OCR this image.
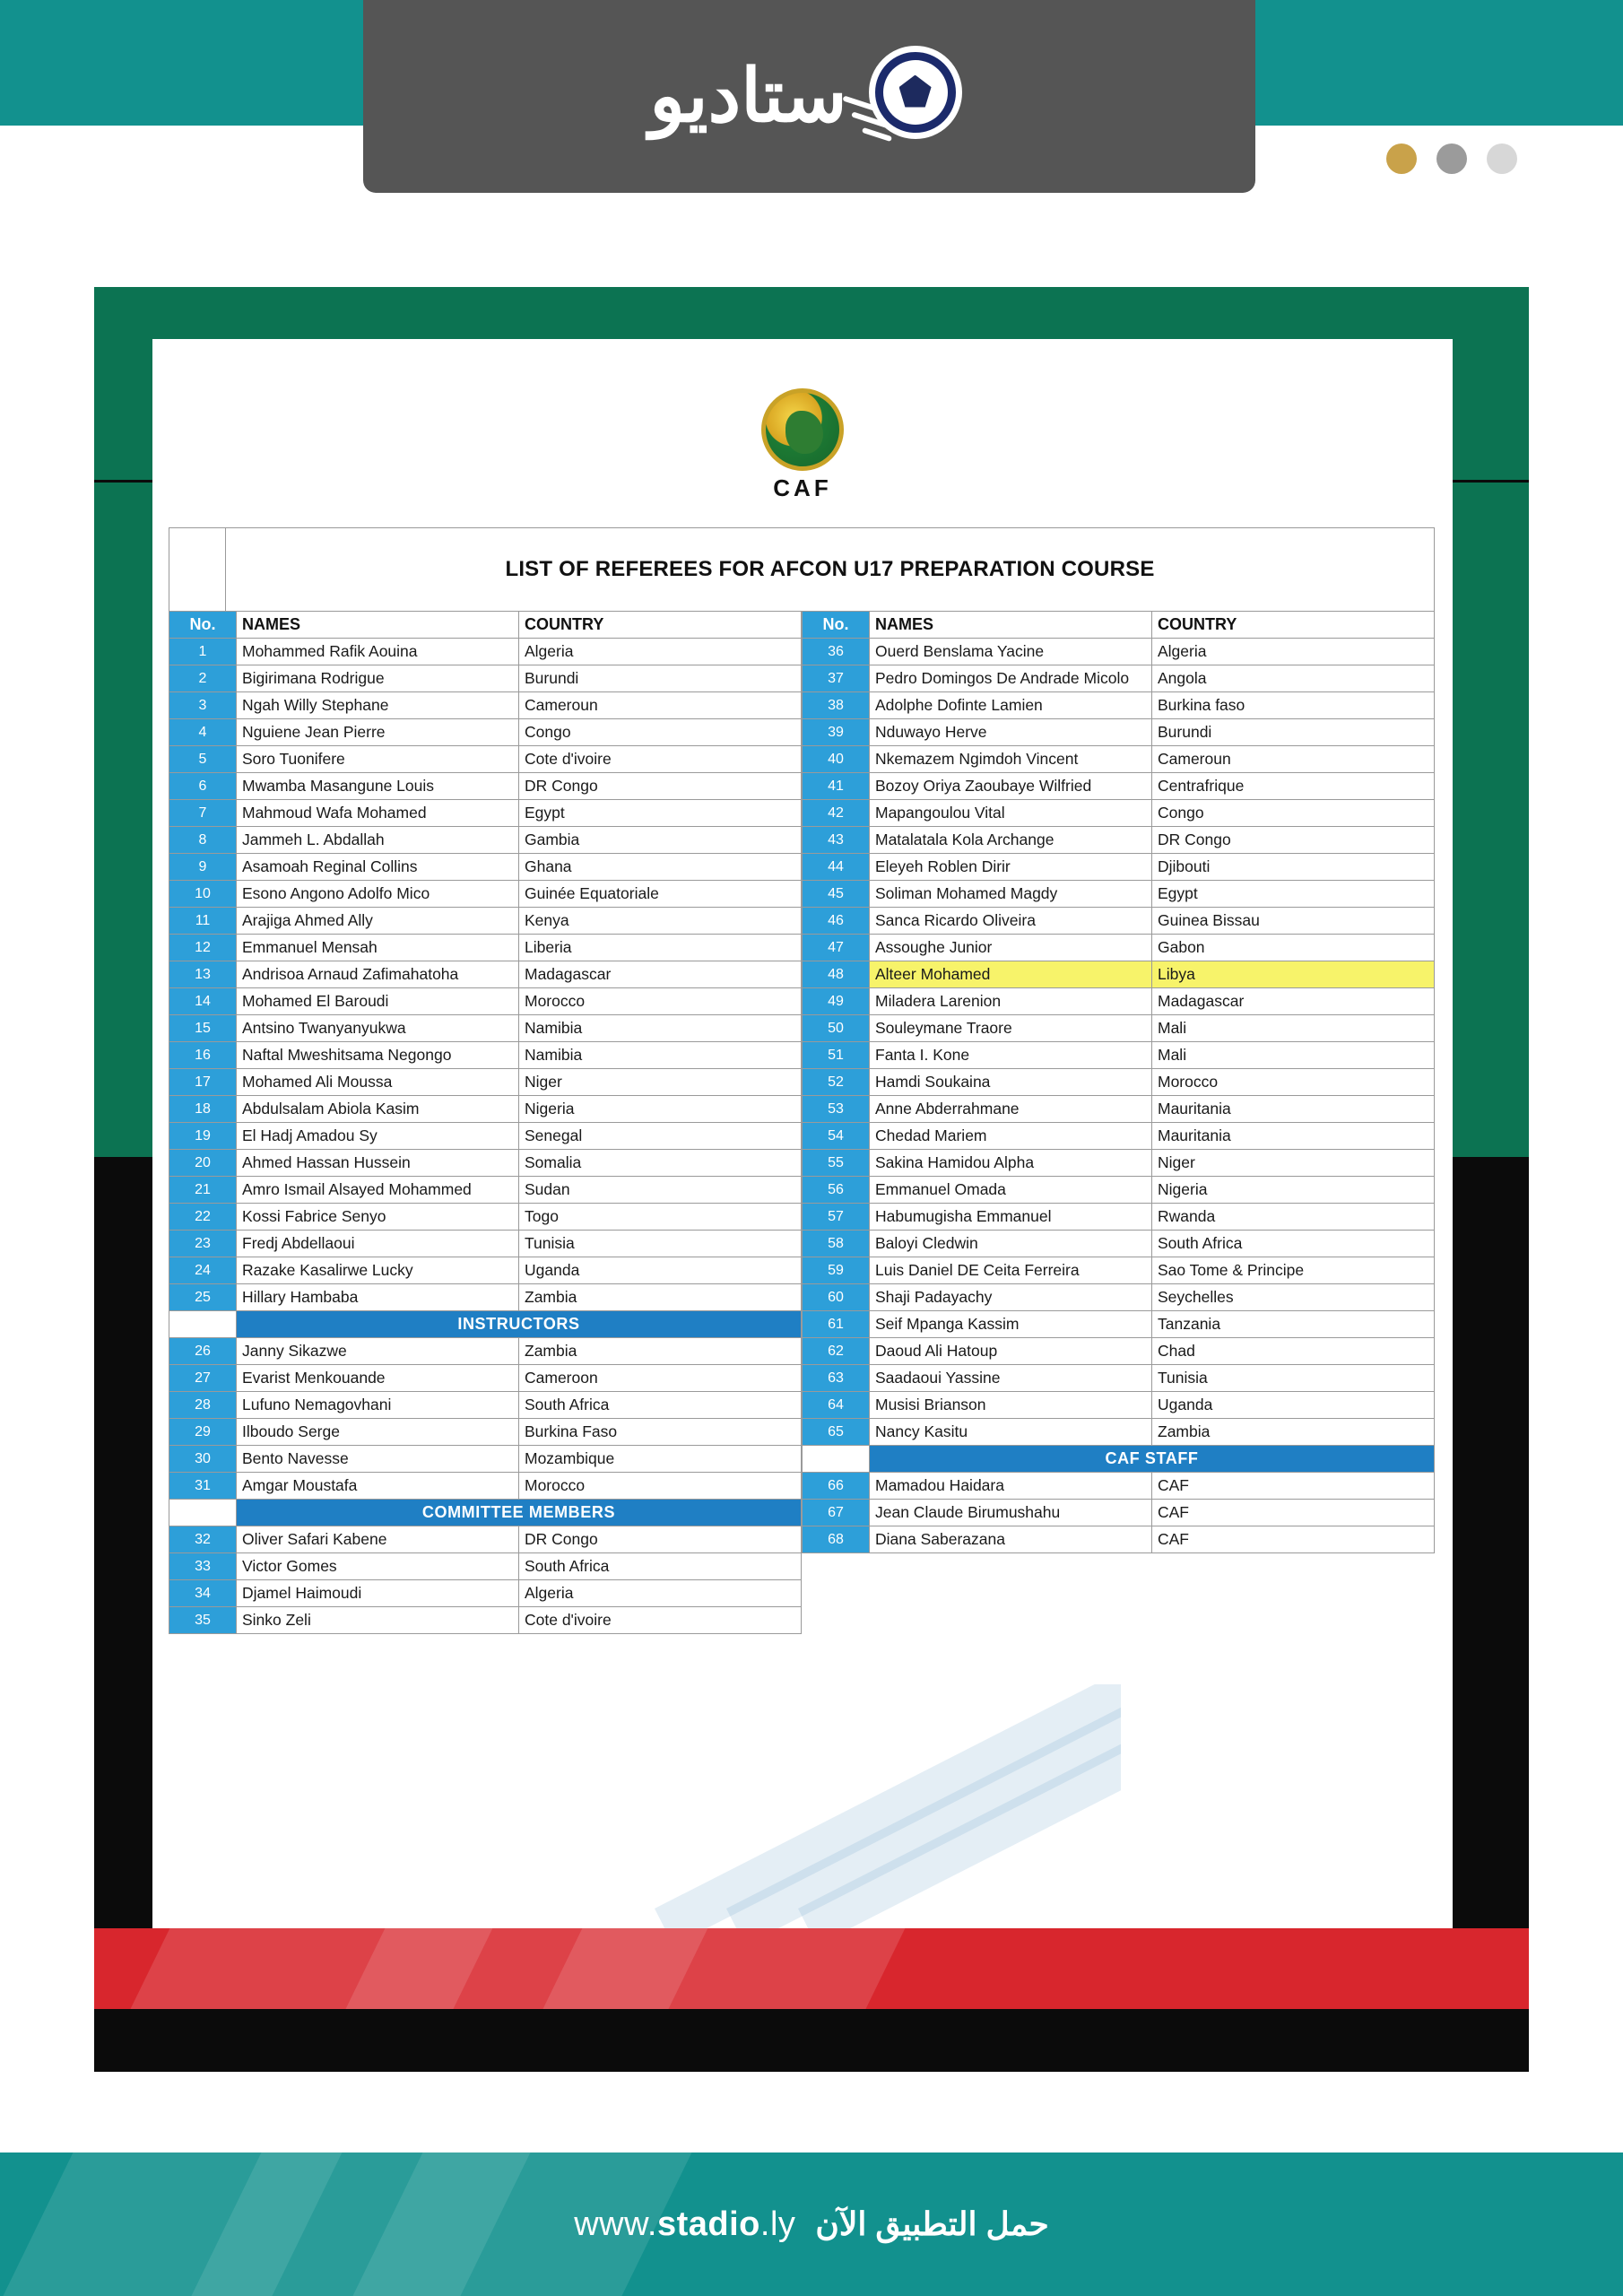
ستاديو
CAF
LIST OF REFEREES FOR AFCON U17 PREPARATION COURSE
No.	NAMES	COUNTRY
1	Mohammed Rafik Aouina	Algeria
2	Bigirimana Rodrigue	Burundi
3	Ngah Willy Stephane	Cameroun
4	Nguiene Jean Pierre	Congo
5	Soro Tuonifere	Cote d'ivoire
6	Mwamba Masangune Louis	DR Congo
7	Mahmoud Wafa Mohamed	Egypt
8	Jammeh L. Abdallah	Gambia
9	Asamoah Reginal Collins	Ghana
10	Esono Angono Adolfo Mico	Guinée Equatoriale
11	Arajiga Ahmed Ally	Kenya
12	Emmanuel Mensah	Liberia
13	Andrisoa Arnaud Zafimahatoha	Madagascar
14	Mohamed El Baroudi	Morocco
15	Antsino Twanyanyukwa	Namibia
16	Naftal Mweshitsama Negongo	Namibia
17	Mohamed Ali Moussa	Niger
18	Abdulsalam Abiola Kasim	Nigeria
19	El Hadj Amadou Sy	Senegal
20	Ahmed Hassan Hussein	Somalia
21	Amro Ismail Alsayed Mohammed	Sudan
22	Kossi Fabrice Senyo	Togo
23	Fredj Abdellaoui	Tunisia
24	Razake Kasalirwe Lucky	Uganda
25	Hillary Hambaba	Zambia
	INSTRUCTORS	
26	Janny Sikazwe	Zambia
27	Evarist Menkouande	Cameroon
28	Lufuno Nemagovhani	South Africa
29	Ilboudo Serge	Burkina Faso
30	Bento Navesse	Mozambique
31	Amgar Moustafa	Morocco
	COMMITTEE MEMBERS	
32	Oliver Safari Kabene	DR Congo
33	Victor Gomes	South Africa
34	Djamel Haimoudi	Algeria
35	Sinko Zeli	Cote d'ivoire
No.	NAMES	COUNTRY
36	Ouerd Benslama Yacine	Algeria
37	Pedro Domingos De Andrade Micolo	Angola
38	Adolphe Dofinte Lamien	Burkina faso
39	Nduwayo Herve	Burundi
40	Nkemazem Ngimdoh Vincent	Cameroun
41	Bozoy Oriya Zaoubaye Wilfried	Centrafrique
42	Mapangoulou Vital	Congo
43	Matalatala Kola Archange	DR Congo
44	Eleyeh Roblen Dirir	Djibouti
45	Soliman Mohamed Magdy	Egypt
46	Sanca Ricardo Oliveira	Guinea Bissau
47	Assoughe Junior	Gabon
48	Alteer Mohamed	Libya
49	Miladera Larenion	Madagascar
50	Souleymane Traore	Mali
51	Fanta I. Kone	Mali
52	Hamdi Soukaina	Morocco
53	Anne Abderrahmane	Mauritania
54	Chedad Mariem	Mauritania
55	Sakina Hamidou Alpha	Niger
56	Emmanuel Omada	Nigeria
57	Habumugisha Emmanuel	Rwanda
58	Baloyi Cledwin	South Africa
59	Luis Daniel DE Ceita Ferreira	Sao Tome & Principe
60	Shaji Padayachy	Seychelles
61	Seif Mpanga Kassim	Tanzania
62	Daoud Ali Hatoup	Chad
63	Saadaoui Yassine	Tunisia
64	Musisi Brianson	Uganda
65	Nancy Kasitu	Zambia
	CAF STAFF	
66	Mamadou Haidara	CAF
67	Jean Claude Birumushahu	CAF
68	Diana Saberazana	CAF
www.stadio.ly حمل التطبيق الآن
